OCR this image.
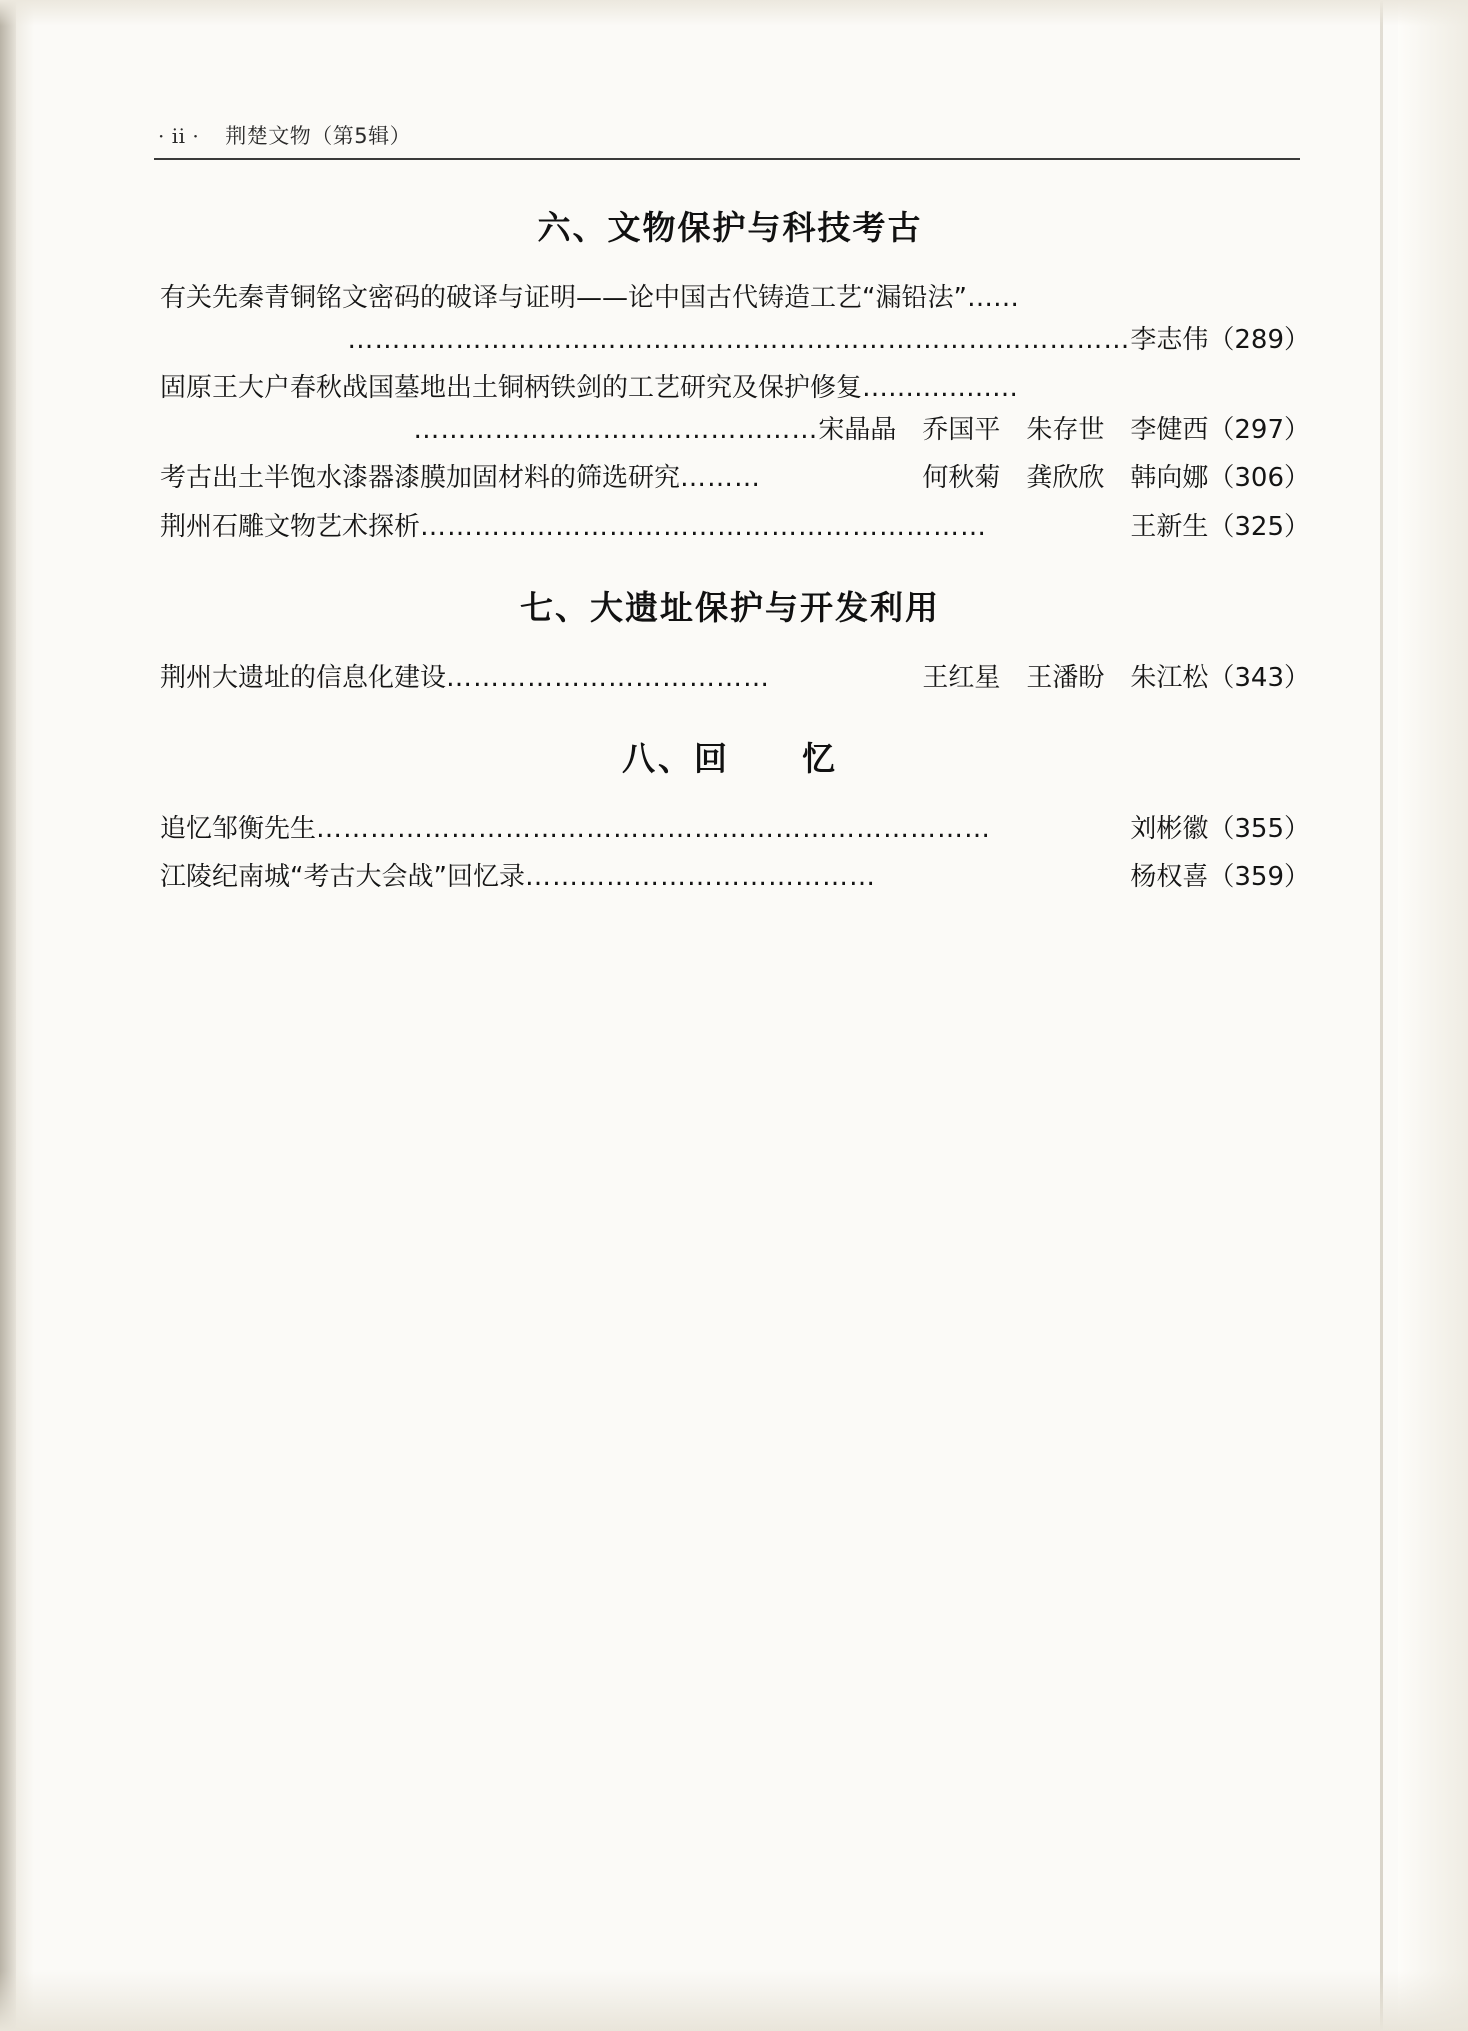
· ii · 荆楚文物（第5辑）
六、文物保护与科技考古
有关先秦青铜铭文密码的破译与证明——论中国古代铸造工艺“漏铅法”……
……………………………………………………………………………李志伟（289）
固原王大户春秋战国墓地出土铜柄铁剑的工艺研究及保护修复………………
………………………………………宋晶晶　乔国平　朱存世　李健西（297）
考古出土半饱水漆器漆膜加固材料的筛选研究 ………	何秋菊　龚欣欣　韩向娜（306）
荆州石雕文物艺术探析 ………………………………………………………	王新生（325）
七、大遗址保护与开发利用
荆州大遗址的信息化建设 ………………………………	王红星　王潘盼　朱江松（343）
八、回　　忆
追忆邹衡先生 …………………………………………………………………	刘彬徽（355）
江陵纪南城“考古大会战”回忆录 …………………………………	杨权喜（359）
